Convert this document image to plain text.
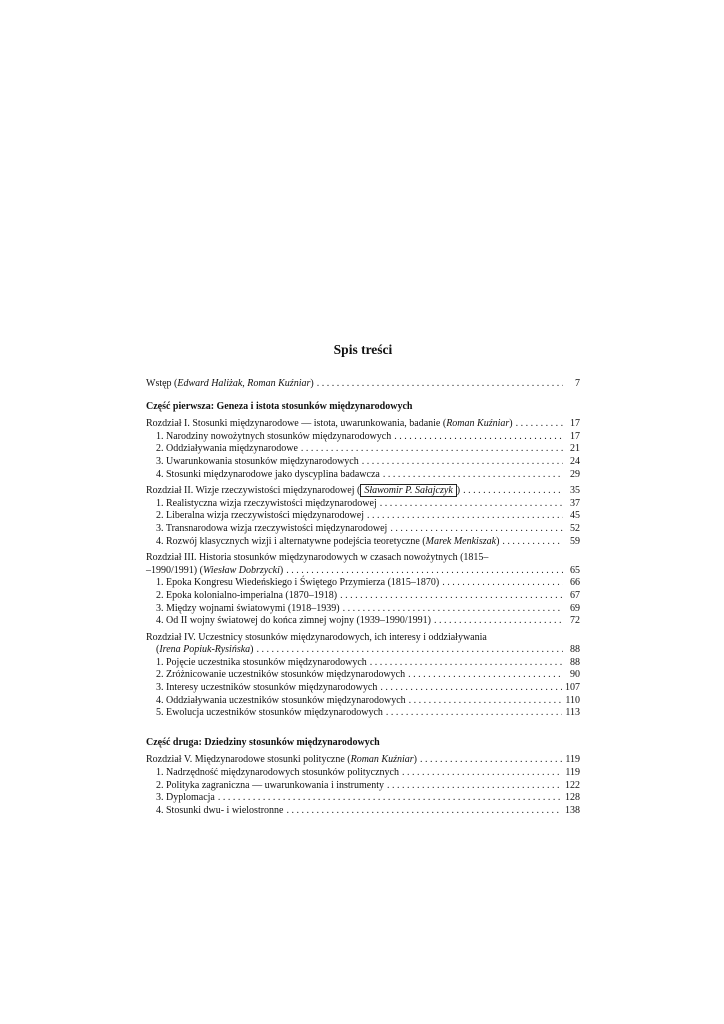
Spis treści
Wstęp (Edward Haliżak, Roman Kuźniar) . . .	7
Część pierwsza: Geneza i istota stosunków międzynarodowych
Rozdział I. Stosunki międzynarodowe — istota, uwarunkowania, badanie (Roman Kuźniar) . . .	17
1. Narodziny nowożytnych stosunków międzynarodowych . . .	17
2. Oddziaływania międzynarodowe . . .	21
3. Uwarunkowania stosunków międzynarodowych . . .	24
4. Stosunki międzynarodowe jako dyscyplina badawcza . . .	29
Rozdział II. Wizje rzeczywistości międzynarodowej ( Sławomir P. Sałajczyk ) . . .	35
1. Realistyczna wizja rzeczywistości międzynarodowej . . .	37
2. Liberalna wizja rzeczywistości międzynarodowej . . .	45
3. Transnarodowa wizja rzeczywistości międzynarodowej . . .	52
4. Rozwój klasycznych wizji i alternatywne podejścia teoretyczne (Marek Menkiszak) . . .	59
Rozdział III. Historia stosunków międzynarodowych w czasach nowożytnych (1815–
–1990/1991) (Wiesław Dobrzycki) . . .	65
1. Epoka Kongresu Wiedeńskiego i Świętego Przymierza (1815–1870) . . .	66
2. Epoka kolonialno-imperialna (1870–1918) . . .	67
3. Między wojnami światowymi (1918–1939) . . .	69
4. Od II wojny światowej do końca zimnej wojny (1939–1990/1991) . . .	72
Rozdział IV. Uczestnicy stosunków międzynarodowych, ich interesy i oddziaływania
(Irena Popiuk-Rysińska) . . .	88
1. Pojęcie uczestnika stosunków międzynarodowych . . .	88
2. Zróżnicowanie uczestników stosunków międzynarodowych . . .	90
3. Interesy uczestników stosunków międzynarodowych . . .	107
4. Oddziaływania uczestników stosunków międzynarodowych . . .	110
5. Ewolucja uczestników stosunków międzynarodowych . . .	113
Część druga: Dziedziny stosunków międzynarodowych
Rozdział V. Międzynarodowe stosunki polityczne (Roman Kuźniar) . . .	119
1. Nadrzędność międzynarodowych stosunków politycznych . . .	119
2. Polityka zagraniczna — uwarunkowania i instrumenty . . .	122
3. Dyplomacja . . .	128
4. Stosunki dwu- i wielostronne . . .	138
